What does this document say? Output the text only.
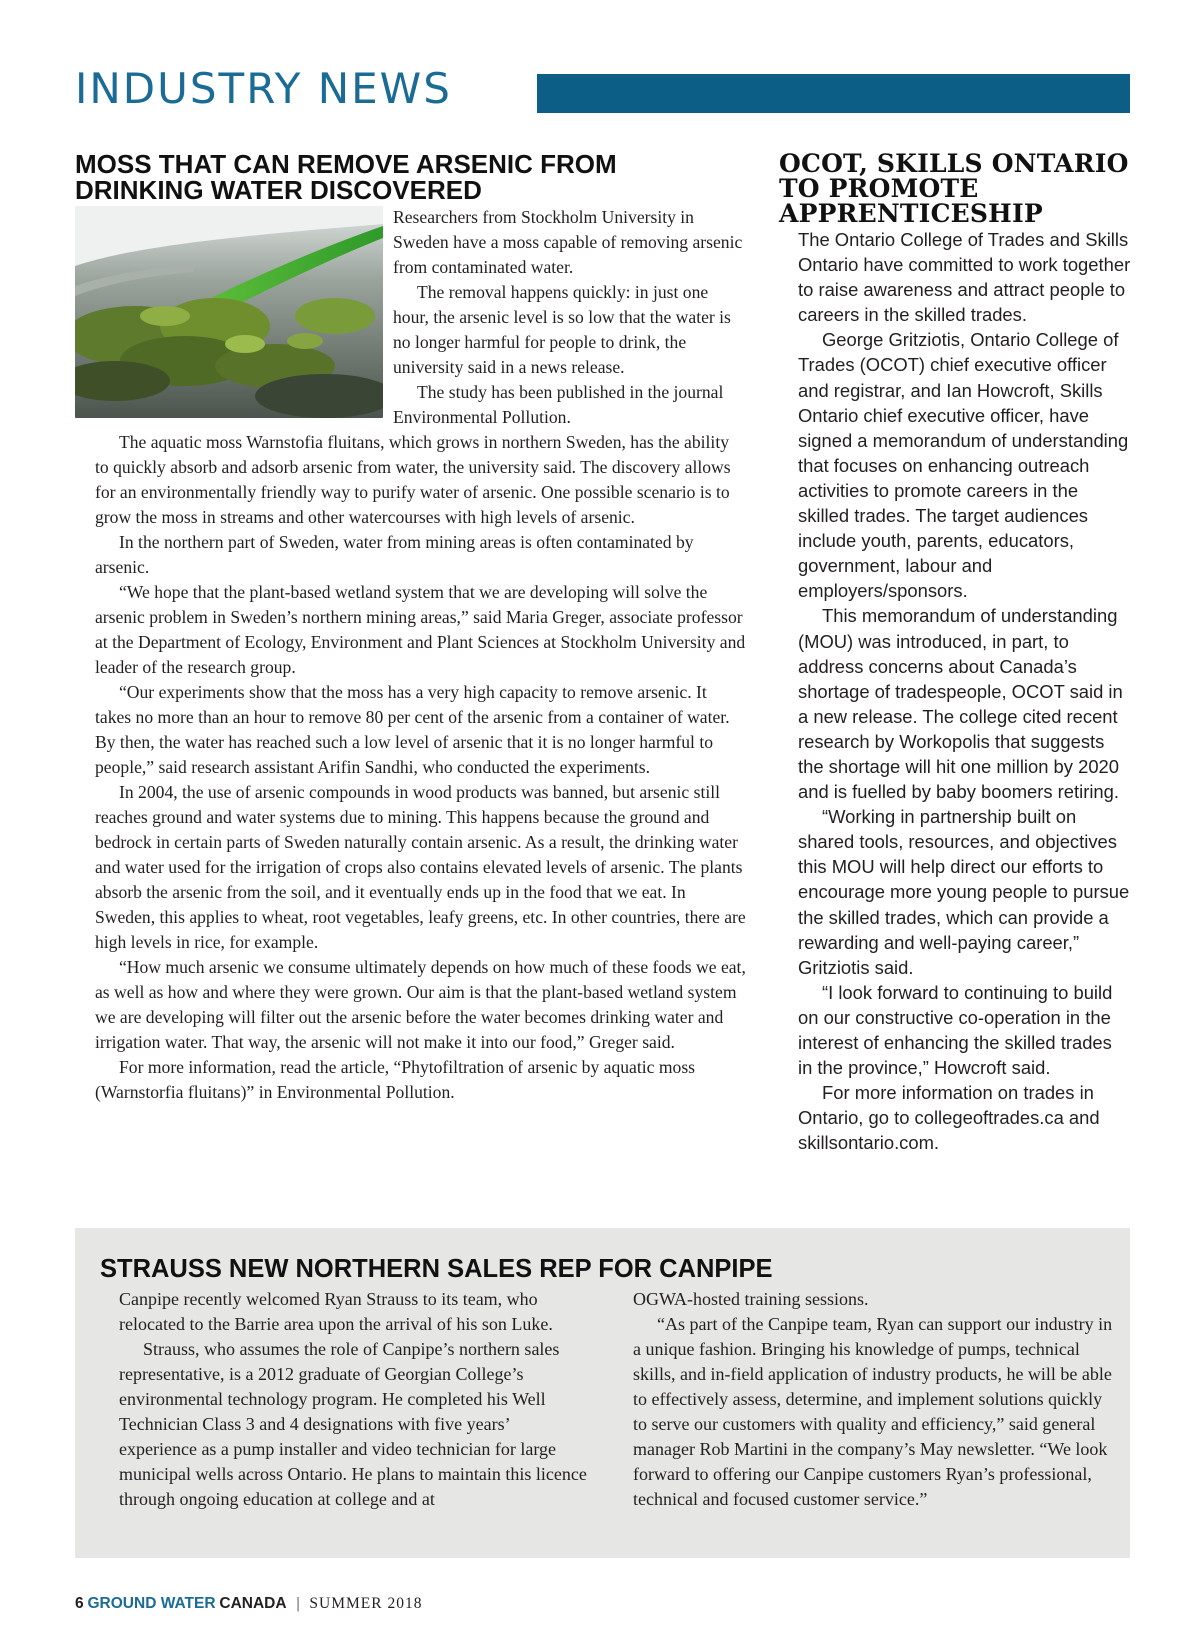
INDUSTRY NEWS
MOSS THAT CAN REMOVE ARSENIC FROM DRINKING WATER DISCOVERED

Researchers from Stockholm University in Sweden have a moss capable of removing arsenic from contaminated water.

The removal happens quickly: in just one hour, the arsenic level is so low that the water is no longer harmful for people to drink, the university said in a news release.

The study has been published in the journal Environmental Pollution.

The aquatic moss Warnstofia fluitans, which grows in northern Sweden, has the ability to quickly absorb and adsorb arsenic from water, the university said. The discovery allows for an environmentally friendly way to purify water of arsenic. One possible scenario is to grow the moss in streams and other watercourses with high levels of arsenic.

In the northern part of Sweden, water from mining areas is often contaminated by arsenic.

“We hope that the plant-based wetland system that we are developing will solve the arsenic problem in Sweden’s northern mining areas,” said Maria Greger, associate professor at the Department of Ecology, Environment and Plant Sciences at Stockholm University and leader of the research group.

“Our experiments show that the moss has a very high capacity to remove arsenic. It takes no more than an hour to remove 80 per cent of the arsenic from a container of water. By then, the water has reached such a low level of arsenic that it is no longer harmful to people,” said research assistant Arifin Sandhi, who conducted the experiments.

In 2004, the use of arsenic compounds in wood products was banned, but arsenic still reaches ground and water systems due to mining. This happens because the ground and bedrock in certain parts of Sweden naturally contain arsenic. As a result, the drinking water and water used for the irrigation of crops also contains elevated levels of arsenic. The plants absorb the arsenic from the soil, and it eventually ends up in the food that we eat. In Sweden, this applies to wheat, root vegetables, leafy greens, etc. In other countries, there are high levels in rice, for example.

“How much arsenic we consume ultimately depends on how much of these foods we eat, as well as how and where they were grown. Our aim is that the plant-based wetland system we are developing will filter out the arsenic before the water becomes drinking water and irrigation water. That way, the arsenic will not make it into our food,” Greger said.

For more information, read the article, “Phytofiltration of arsenic by aquatic moss (Warnstorfia fluitans)” in Environmental Pollution.

OCOT, SKILLS ONTARIO TO PROMOTE APPRENTICESHIP

The Ontario College of Trades and Skills Ontario have committed to work together to raise awareness and attract people to careers in the skilled trades.

George Gritziotis, Ontario College of Trades (OCOT) chief executive officer and registrar, and Ian Howcroft, Skills Ontario chief executive officer, have signed a memorandum of understanding that focuses on enhancing outreach activities to promote careers in the skilled trades. The target audiences include youth, parents, educators, government, labour and employers/sponsors.

This memorandum of understanding (MOU) was introduced, in part, to address concerns about Canada’s shortage of tradespeople, OCOT said in a new release. The college cited recent research by Workopolis that suggests the shortage will hit one million by 2020 and is fuelled by baby boomers retiring.

“Working in partnership built on shared tools, resources, and objectives this MOU will help direct our efforts to encourage more young people to pursue the skilled trades, which can provide a rewarding and well-paying career,” Gritziotis said.

“I look forward to continuing to build on our constructive co-operation in the interest of enhancing the skilled trades in the province,” Howcroft said.

For more information on trades in Ontario, go to collegeoftrades.ca and skillsontario.com.

STRAUSS NEW NORTHERN SALES REP FOR CANPIPE

Canpipe recently welcomed Ryan Strauss to its team, who relocated to the Barrie area upon the arrival of his son Luke.

Strauss, who assumes the role of Canpipe’s northern sales representative, is a 2012 graduate of Georgian College’s environmental technology program. He completed his Well Technician Class 3 and 4 designations with five years’ experience as a pump installer and video technician for large municipal wells across Ontario. He plans to maintain this licence through ongoing education at college and at

OGWA-hosted training sessions.

“As part of the Canpipe team, Ryan can support our industry in a unique fashion. Bringing his knowledge of pumps, technical skills, and in-field application of industry products, he will be able to effectively assess, determine, and implement solutions quickly to serve our customers with quality and efficiency,” said general manager Rob Martini in the company’s May newsletter. “We look forward to offering our Canpipe customers Ryan’s professional, technical and focused customer service.”

6 GROUND WATER CANADA | SUMMER 2018
